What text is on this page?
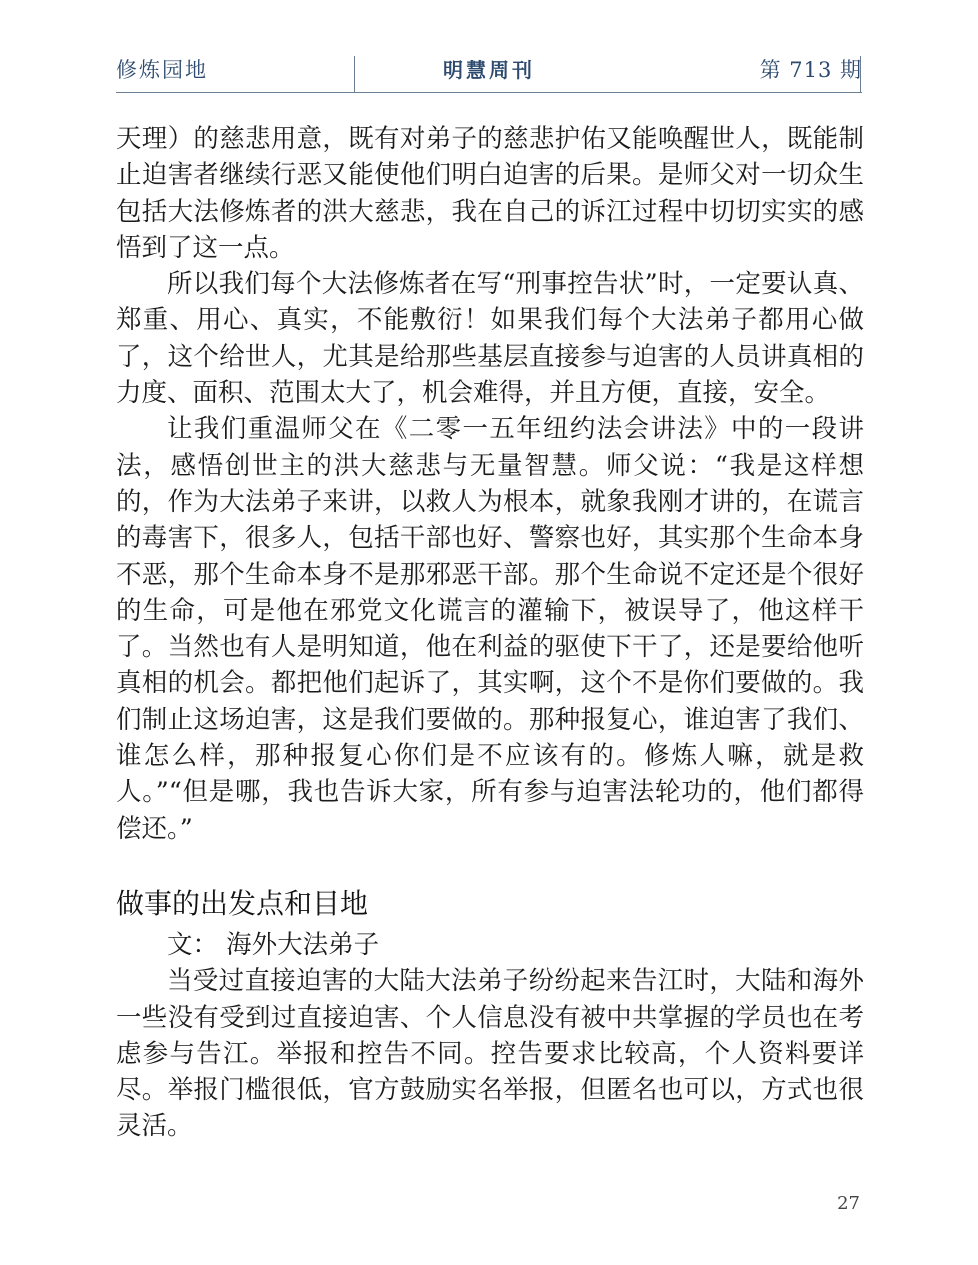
修炼园地	明慧周刊	第 713 期

天理）的慈悲用意，既有对弟子的慈悲护佑又能唤醒世人，既能制止迫害者继续行恶又能使他们明白迫害的后果。是师父对一切众生包括大法修炼者的洪大慈悲，我在自己的诉江过程中切切实实的感悟到了这一点。

所以我们每个大法修炼者在写“刑事控告状”时，一定要认真、郑重、用心、真实，不能敷衍！如果我们每个大法弟子都用心做了，这个给世人，尤其是给那些基层直接参与迫害的人员讲真相的力度、面积、范围太大了，机会难得，并且方便，直接，安全。

让我们重温师父在《二零一五年纽约法会讲法》中的一段讲法，感悟创世主的洪大慈悲与无量智慧。师父说：“我是这样想的，作为大法弟子来讲，以救人为根本，就象我刚才讲的，在谎言的毒害下，很多人，包括干部也好、警察也好，其实那个生命本身不恶，那个生命本身不是那邪恶干部。那个生命说不定还是个很好的生命，可是他在邪党文化谎言的灌输下，被误导了，他这样干了。当然也有人是明知道，他在利益的驱使下干了，还是要给他听真相的机会。都把他们起诉了，其实啊，这个不是你们要做的。我们制止这场迫害，这是我们要做的。那种报复心，谁迫害了我们、谁怎么样，那种报复心你们是不应该有的。修炼人嘛，就是救人。”“但是哪，我也告诉大家，所有参与迫害法轮功的，他们都得偿还。”

做事的出发点和目地

文： 海外大法弟子

当受过直接迫害的大陆大法弟子纷纷起来告江时，大陆和海外一些没有受到过直接迫害、个人信息没有被中共掌握的学员也在考虑参与告江。举报和控告不同。控告要求比较高，个人资料要详尽。举报门槛很低，官方鼓励实名举报，但匿名也可以，方式也很灵活。

27
